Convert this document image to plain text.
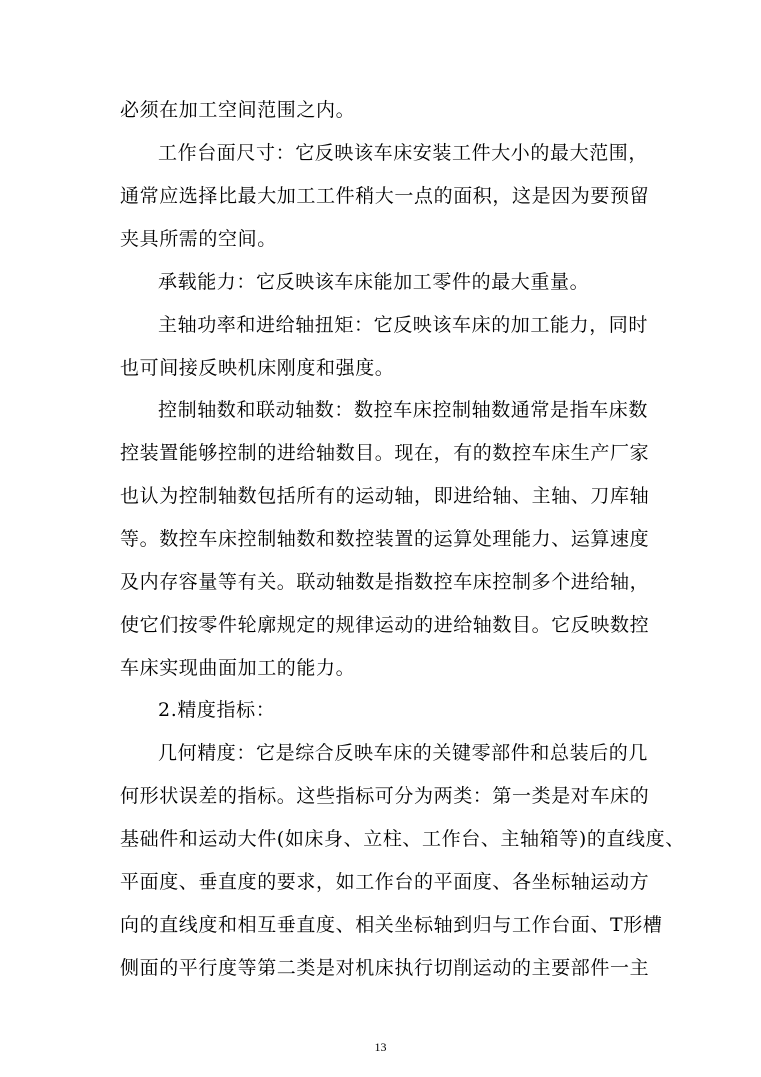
必须在加工空间范围之内。
工作台面尺寸：它反映该车床安装工件大小的最大范围，
通常应选择比最大加工工件稍大一点的面积，这是因为要预留
夹具所需的空间。
承载能力：它反映该车床能加工零件的最大重量。
主轴功率和进给轴扭矩：它反映该车床的加工能力，同时
也可间接反映机床刚度和强度。
控制轴数和联动轴数：数控车床控制轴数通常是指车床数
控装置能够控制的进给轴数目。现在，有的数控车床生产厂家
也认为控制轴数包括所有的运动轴，即进给轴、主轴、刀库轴
等。数控车床控制轴数和数控装置的运算处理能力、运算速度
及内存容量等有关。联动轴数是指数控车床控制多个进给轴，
使它们按零件轮廓规定的规律运动的进给轴数目。它反映数控
车床实现曲面加工的能力。
2.精度指标：
几何精度：它是综合反映车床的关键零部件和总装后的几
何形状误差的指标。这些指标可分为两类：第一类是对车床的
基础件和运动大件(如床身、立柱、工作台、主轴箱等)的直线度、
平面度、垂直度的要求，如工作台的平面度、各坐标轴运动方
向的直线度和相互垂直度、相关坐标轴到归与工作台面、T形槽
侧面的平行度等第二类是对机床执行切削运动的主要部件一主
13
